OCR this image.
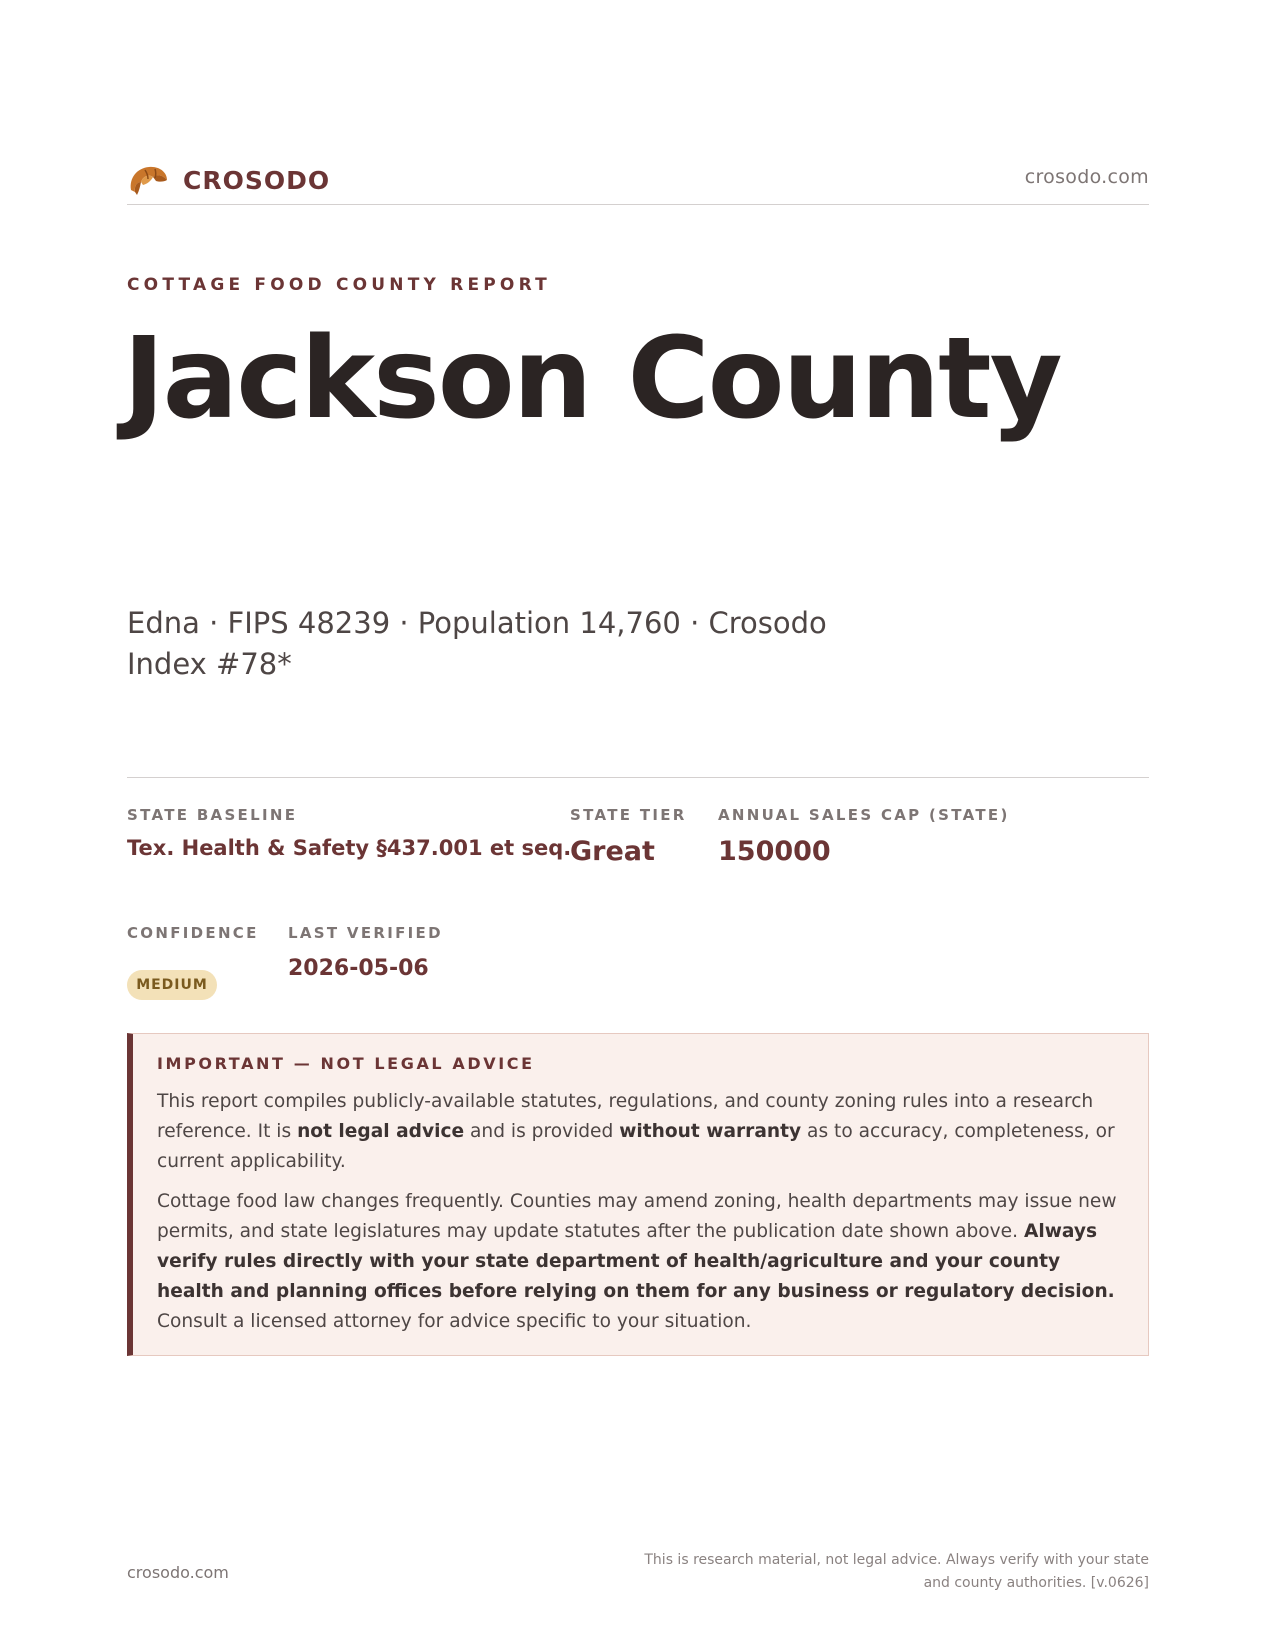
CROSODO	crosodo.com
COTTAGE FOOD COUNTY REPORT
Jackson County
Edna · FIPS 48239 · Population 14,760 · Crosodo Index #78*
STATE BASELINE
Tex. Health & Safety §437.001 et seq.
STATE TIER
Great
ANNUAL SALES CAP (STATE)
150000
CONFIDENCE
MEDIUM
LAST VERIFIED
2026-05-06
IMPORTANT — NOT LEGAL ADVICE

This report compiles publicly-available statutes, regulations, and county zoning rules into a research reference. It is not legal advice and is provided without warranty as to accuracy, completeness, or current applicability.

Cottage food law changes frequently. Counties may amend zoning, health departments may issue new permits, and state legislatures may update statutes after the publication date shown above. Always verify rules directly with your state department of health/agriculture and your county health and planning offices before relying on them for any business or regulatory decision. Consult a licensed attorney for advice specific to your situation.

crosodo.com
This is research material, not legal advice. Always verify with your state
and county authorities. [v.0626]
